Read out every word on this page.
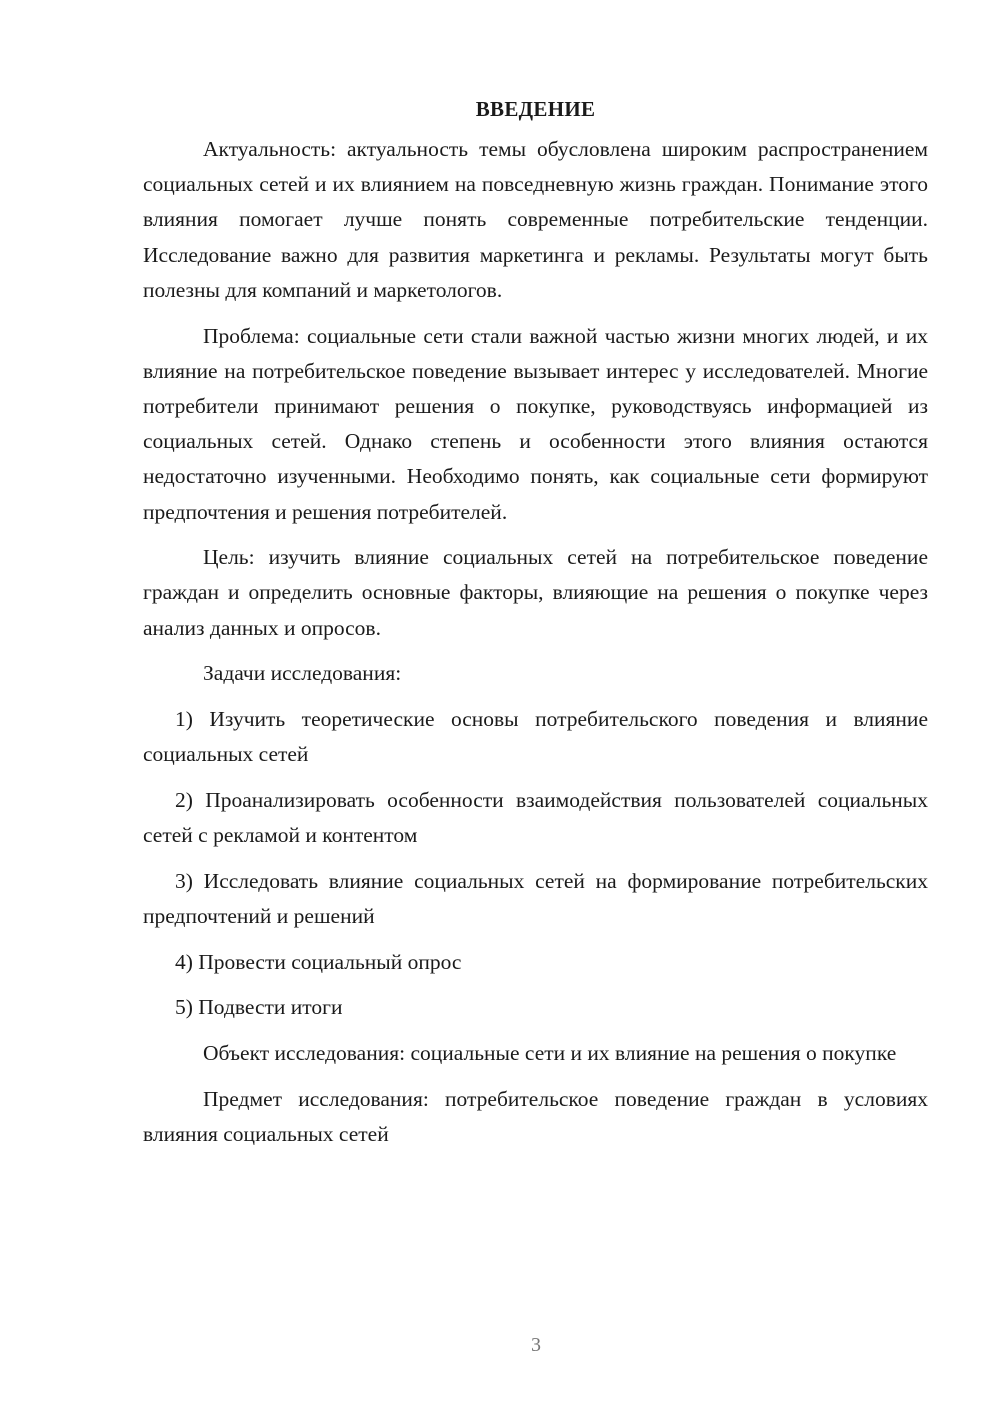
ВВЕДЕНИЕ

Актуальность: актуальность темы обусловлена широким распространением социальных сетей и их влиянием на повседневную жизнь граждан. Понимание этого влияния помогает лучше понять современные потребительские тенденции. Исследование важно для развития маркетинга и рекламы. Результаты могут быть полезны для компаний и маркетологов.

Проблема: социальные сети стали важной частью жизни многих людей, и их влияние на потребительское поведение вызывает интерес у исследователей. Многие потребители принимают решения о покупке, руководствуясь информацией из социальных сетей. Однако степень и особенности этого влияния остаются недостаточно изученными. Необходимо понять, как социальные сети формируют предпочтения и решения потребителей.

Цель: изучить влияние социальных сетей на потребительское поведение граждан и определить основные факторы, влияющие на решения о покупке через анализ данных и опросов.

Задачи исследования:

1) Изучить теоретические основы потребительского поведения и влияние социальных сетей

2) Проанализировать особенности взаимодействия пользователей социальных сетей с рекламой и контентом

3) Исследовать влияние социальных сетей на формирование потребительских предпочтений и решений

4) Провести социальный опрос

5) Подвести итоги

Объект исследования: социальные сети и их влияние на решения о покупке

Предмет исследования: потребительское поведение граждан в условиях влияния социальных сетей

3
